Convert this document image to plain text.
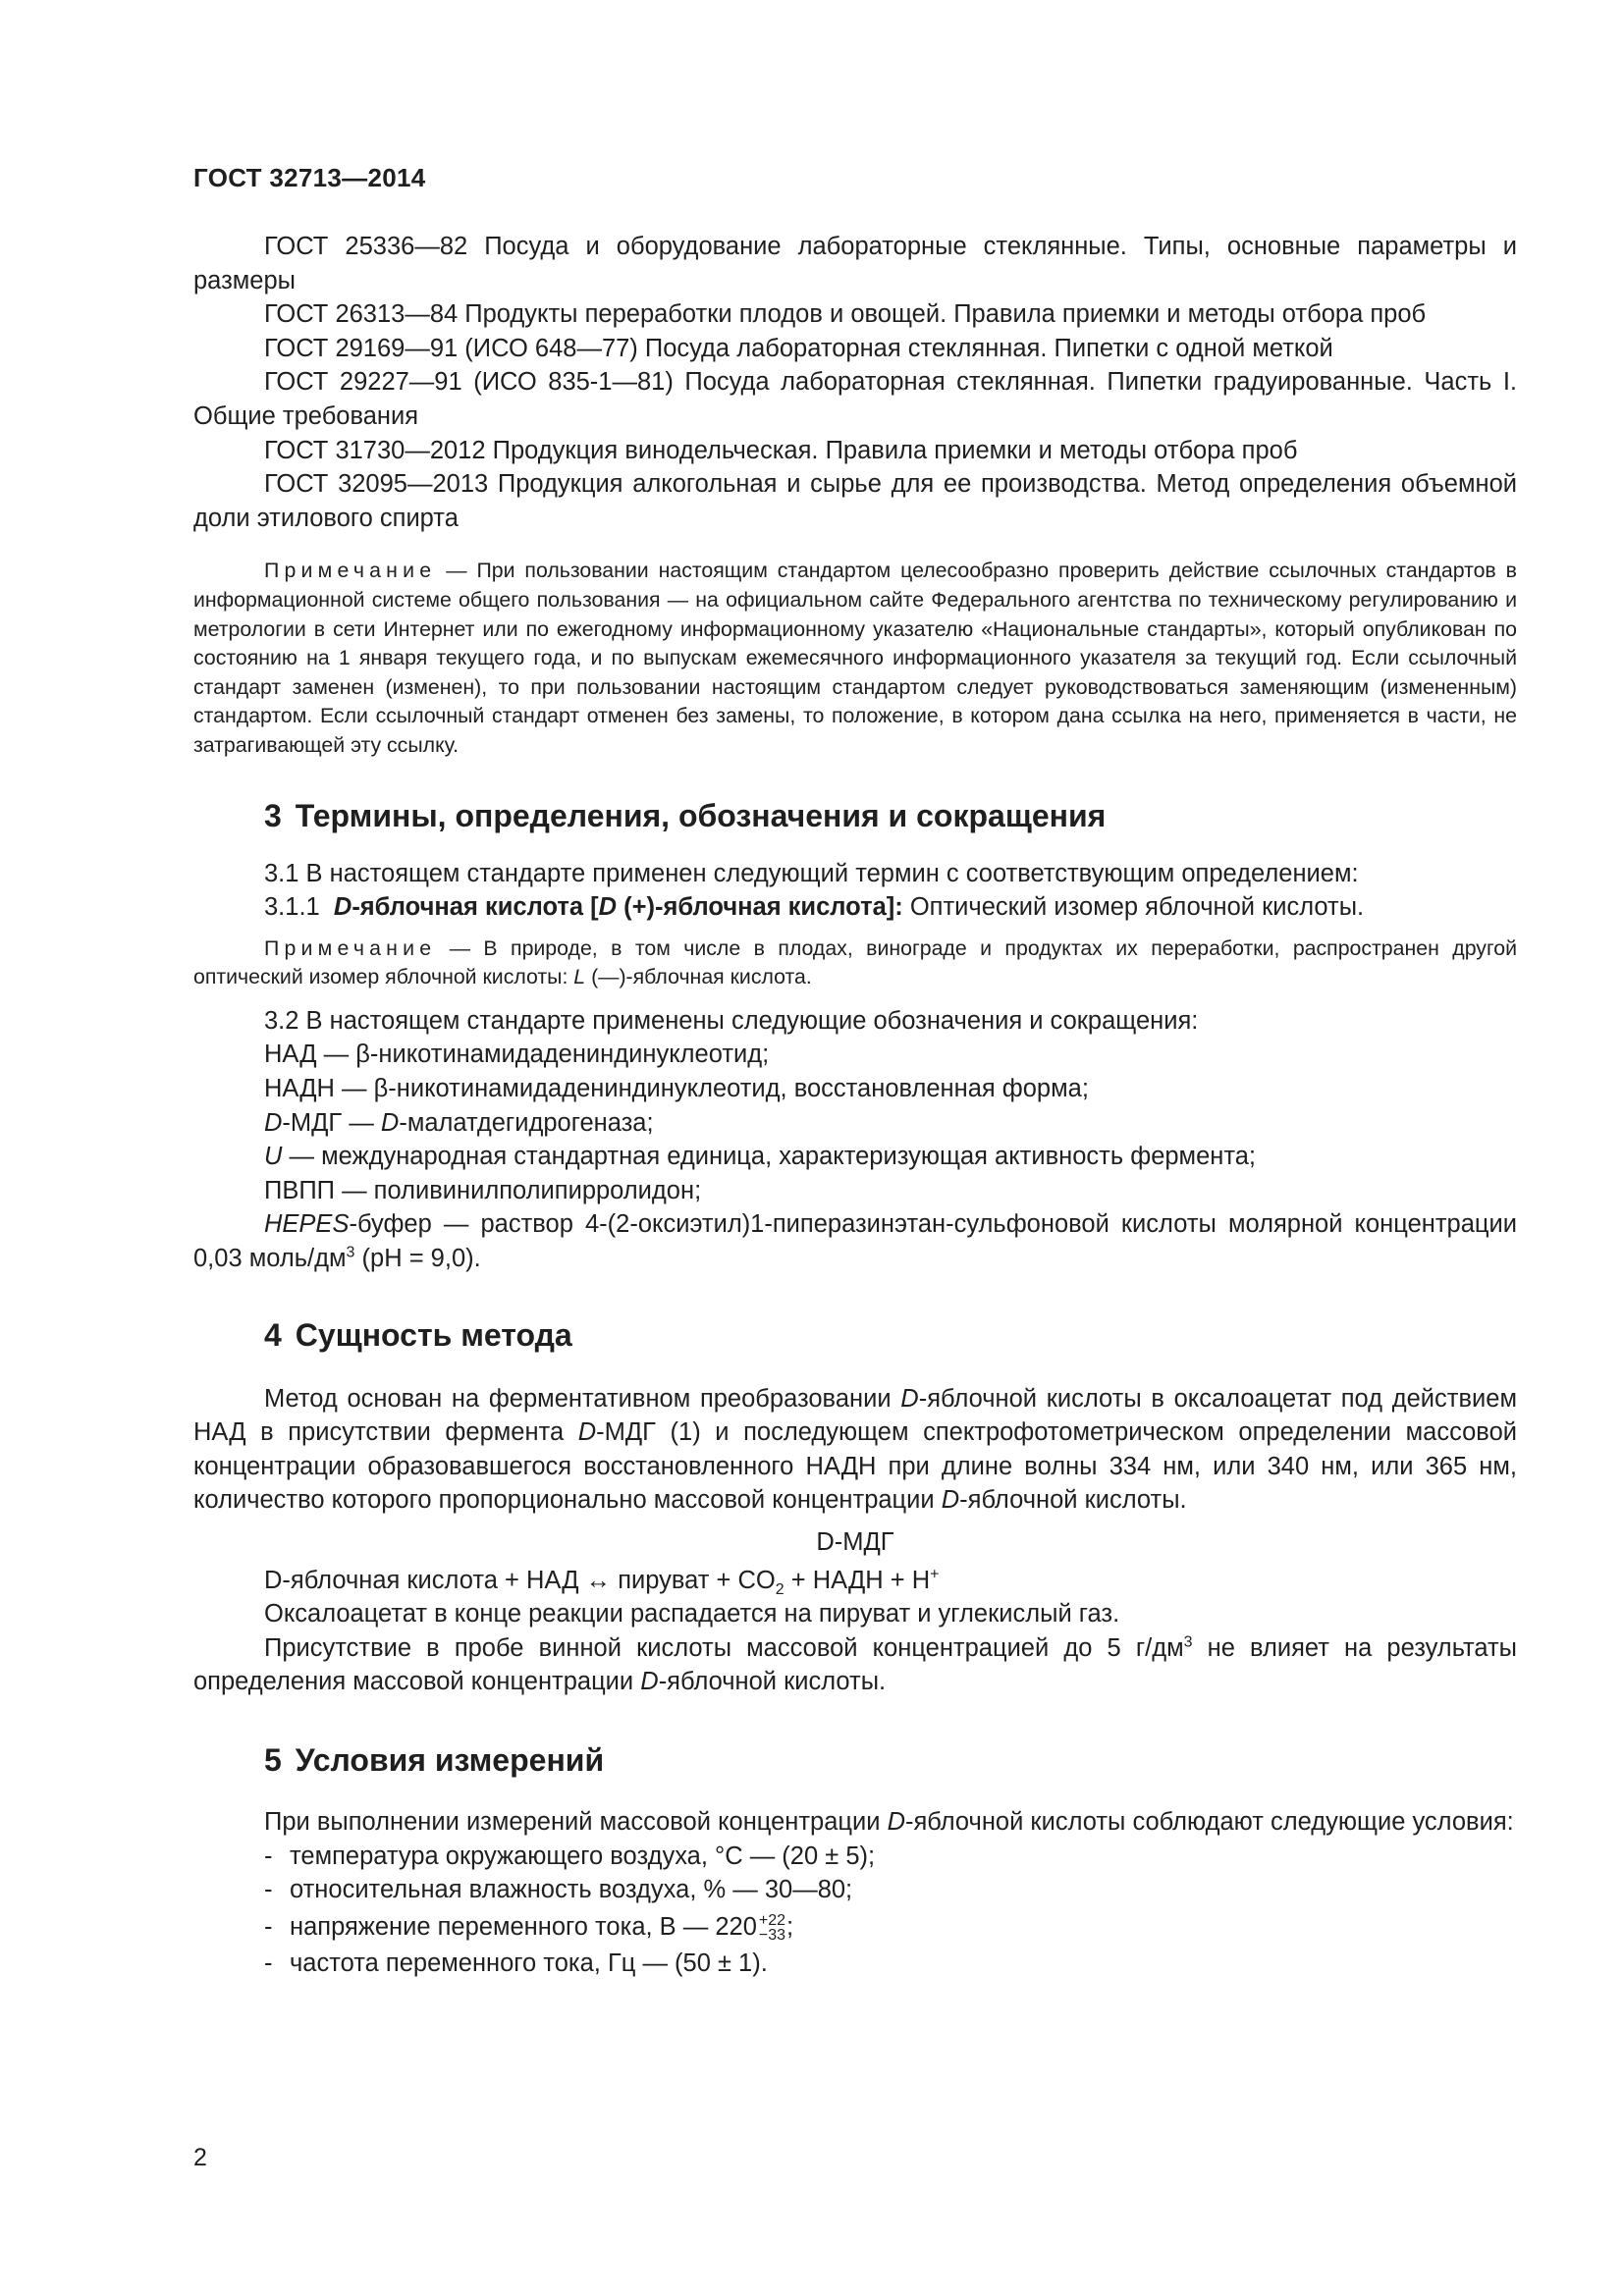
ГОСТ 32713—2014

ГОСТ 25336—82 Посуда и оборудование лабораторные стеклянные. Типы, основные параметры и размеры

ГОСТ 26313—84 Продукты переработки плодов и овощей. Правила приемки и методы отбора проб

ГОСТ 29169—91 (ИСО 648—77) Посуда лабораторная стеклянная. Пипетки с одной меткой

ГОСТ 29227—91 (ИСО 835-1—81) Посуда лабораторная стеклянная. Пипетки градуированные. Часть I. Общие требования

ГОСТ 31730—2012 Продукция винодельческая. Правила приемки и методы отбора проб

ГОСТ 32095—2013 Продукция алкогольная и сырье для ее производства. Метод определения объемной доли этилового спирта

Примечание — При пользовании настоящим стандартом целесообразно проверить действие ссылочных стандартов в информационной системе общего пользования — на официальном сайте Федерального агентства по техническому регулированию и метрологии в сети Интернет или по ежегодному информационному указателю «Национальные стандарты», который опубликован по состоянию на 1 января текущего года, и по выпускам ежемесячного информационного указателя за текущий год. Если ссылочный стандарт заменен (изменен), то при пользовании настоящим стандартом следует руководствоваться заменяющим (измененным) стандартом. Если ссылочный стандарт отменен без замены, то положение, в котором дана ссылка на него, применяется в части, не затрагивающей эту ссылку.

3 Термины, определения, обозначения и сокращения

3.1 В настоящем стандарте применен следующий термин с соответствующим определением:

3.1.1 D-яблочная кислота [D (+)-яблочная кислота]: Оптический изомер яблочной кислоты.

Примечание — В природе, в том числе в плодах, винограде и продуктах их переработки, распространен другой оптический изомер яблочной кислоты: L (—)-яблочная кислота.

3.2 В настоящем стандарте применены следующие обозначения и сокращения:

НАД — β-никотинамидадениндинуклеотид;

НАДН — β-никотинамидадениндинуклеотид, восстановленная форма;

D-МДГ — D-малатдегидрогеназа;

U — международная стандартная единица, характеризующая активность фермента;

ПВПП — поливинилполипирролидон;

HEPES-буфер — раствор 4-(2-оксиэтил)1-пиперазинэтан-сульфоновой кислоты молярной концентрации 0,03 моль/$дм^3$ (pH = 9,0).

4 Сущность метода

Метод основан на ферментативном преобразовании D-яблочной кислоты в оксалоацетат под действием НАД в присутствии фермента D-МДГ (1) и последующем спектрофотометрическом определении массовой концентрации образовавшегося восстановленного НАДН при длине волны 334 нм, или 340 нм, или 365 нм, количество которого пропорционально массовой концентрации D-яблочной кислоты.

D-МДГ

D-яблочная кислота + НАД ↔ пируват + $CO_2$ + НАДН + Н+

Оксалоацетат в конце реакции распадается на пируват и углекислый газ.

Присутствие в пробе винной кислоты массовой концентрацией до 5 $г/дм^3$ не влияет на результаты определения массовой концентрации D-яблочной кислоты.

5 Условия измерений

При выполнении измерений массовой концентрации D-яблочной кислоты соблюдают следующие условия:

- температура окружающего воздуха, °С — (20 ± 5);

- относительная влажность воздуха, % — 30—80;

- напряжение переменного тока, В — 220 +22
−33 ;

- частота переменного тока, Гц — (50 ± 1).

2
